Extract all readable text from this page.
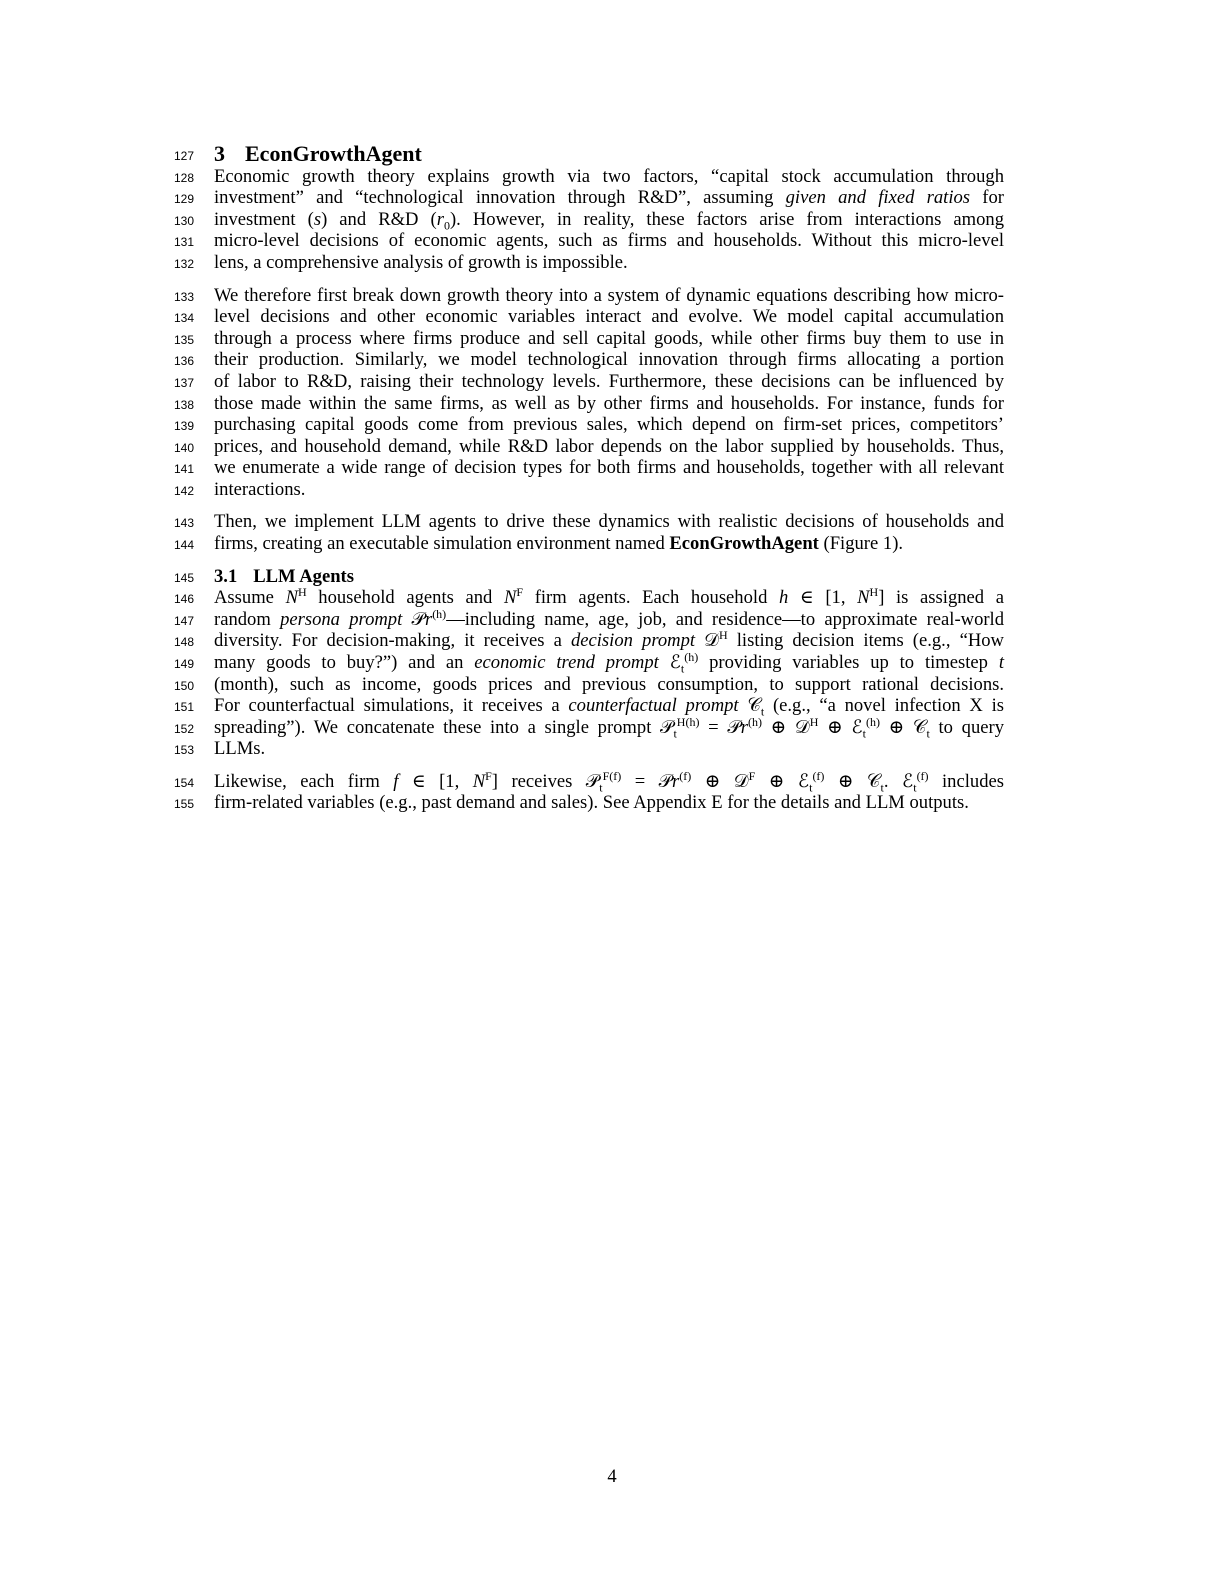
127 3 EconGrowthAgent
128 Economic growth theory explains growth via two factors, “capital stock accumulation through
129 investment” and “technological innovation through R&D”, assuming given and fixed ratios for
130 investment (s) and R&D $(r_0)$. However, in reality, these factors arise from interactions among
131 micro-level decisions of economic agents, such as firms and households. Without this micro-level
132 lens, a comprehensive analysis of growth is impossible.
133 We therefore first break down growth theory into a system of dynamic equations describing how micro-
134 level decisions and other economic variables interact and evolve. We model capital accumulation
135 through a process where firms produce and sell capital goods, while other firms buy them to use in
136 their production. Similarly, we model technological innovation through firms allocating a portion
137 of labor to R&D, raising their technology levels. Furthermore, these decisions can be influenced by
138 those made within the same firms, as well as by other firms and households. For instance, funds for
139 purchasing capital goods come from previous sales, which depend on firm-set prices, competitors’
140 prices, and household demand, while R&D labor depends on the labor supplied by households. Thus,
141 we enumerate a wide range of decision types for both firms and households, together with all relevant
142 interactions.
143 Then, we implement LLM agents to drive these dynamics with realistic decisions of households and
144 firms, creating an executable simulation environment named EconGrowthAgent (Figure 1).
145 3.1 LLM Agents
146 Assume $N^H$ household agents and $N^F$ firm agents. Each household h ∈ [1, $N^H$] is assigned a
147 random persona prompt 𝒫r$^{(h)}$—including name, age, job, and residence—to approximate real-world
148 diversity. For decision-making, it receives a decision prompt 𝒟$^H$ listing decision items (e.g., “How
149 many goods to buy?”) and an economic trend prompt ℰ$_t^{(h)}$ providing variables up to timestep t
150 (month), such as income, goods prices and previous consumption, to support rational decisions.
151 For counterfactual simulations, it receives a counterfactual prompt 𝒞$_t$ (e.g., “a novel infection X is
152 spreading”). We concatenate these into a single prompt 𝒫$_t^{H(h)}$ = 𝒫r$^{(h)}$ ⊕ 𝒟$^H$ ⊕ ℰ$_t^{(h)}$ ⊕ 𝒞$_t$ to query
153 LLMs.
154 Likewise, each firm f ∈ [1, $N^F$] receives 𝒫$_t^{F(f)}$ = 𝒫r$^{(f)}$ ⊕ 𝒟$^F$ ⊕ ℰ$_t^{(f)}$ ⊕ 𝒞$_t$. ℰ$_t^{(f)}$ includes
155 firm-related variables (e.g., past demand and sales). See Appendix E for the details and LLM outputs.
4
